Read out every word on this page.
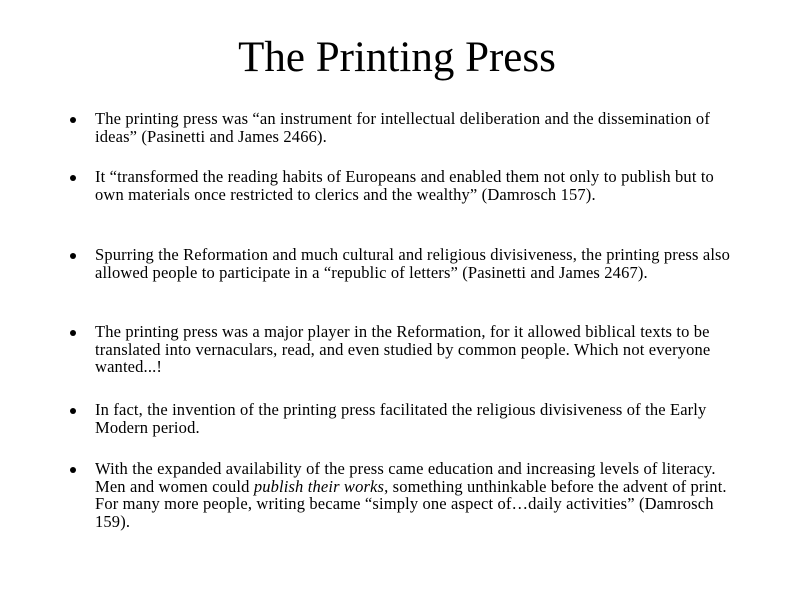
The Printing Press
The printing press was “an instrument for intellectual deliberation and the dissemination of ideas” (Pasinetti and James 2466).
It “transformed the reading habits of Europeans and enabled them not only to publish but to own materials once restricted to clerics and the wealthy” (Damrosch 157).
Spurring the Reformation and much cultural and religious divisiveness, the printing press also allowed people to participate in a “republic of letters” (Pasinetti and James 2467).
The printing press was a major player in the Reformation, for it allowed biblical texts to be translated into vernaculars, read, and even studied by common people. Which not everyone wanted...!
In fact, the invention of the printing press facilitated the religious divisiveness of the Early Modern period.
With the expanded availability of the press came education and increasing levels of literacy. Men and women could publish their works, something unthinkable before the advent of print. For many more people, writing became “simply one aspect of…daily activities” (Damrosch 159).
